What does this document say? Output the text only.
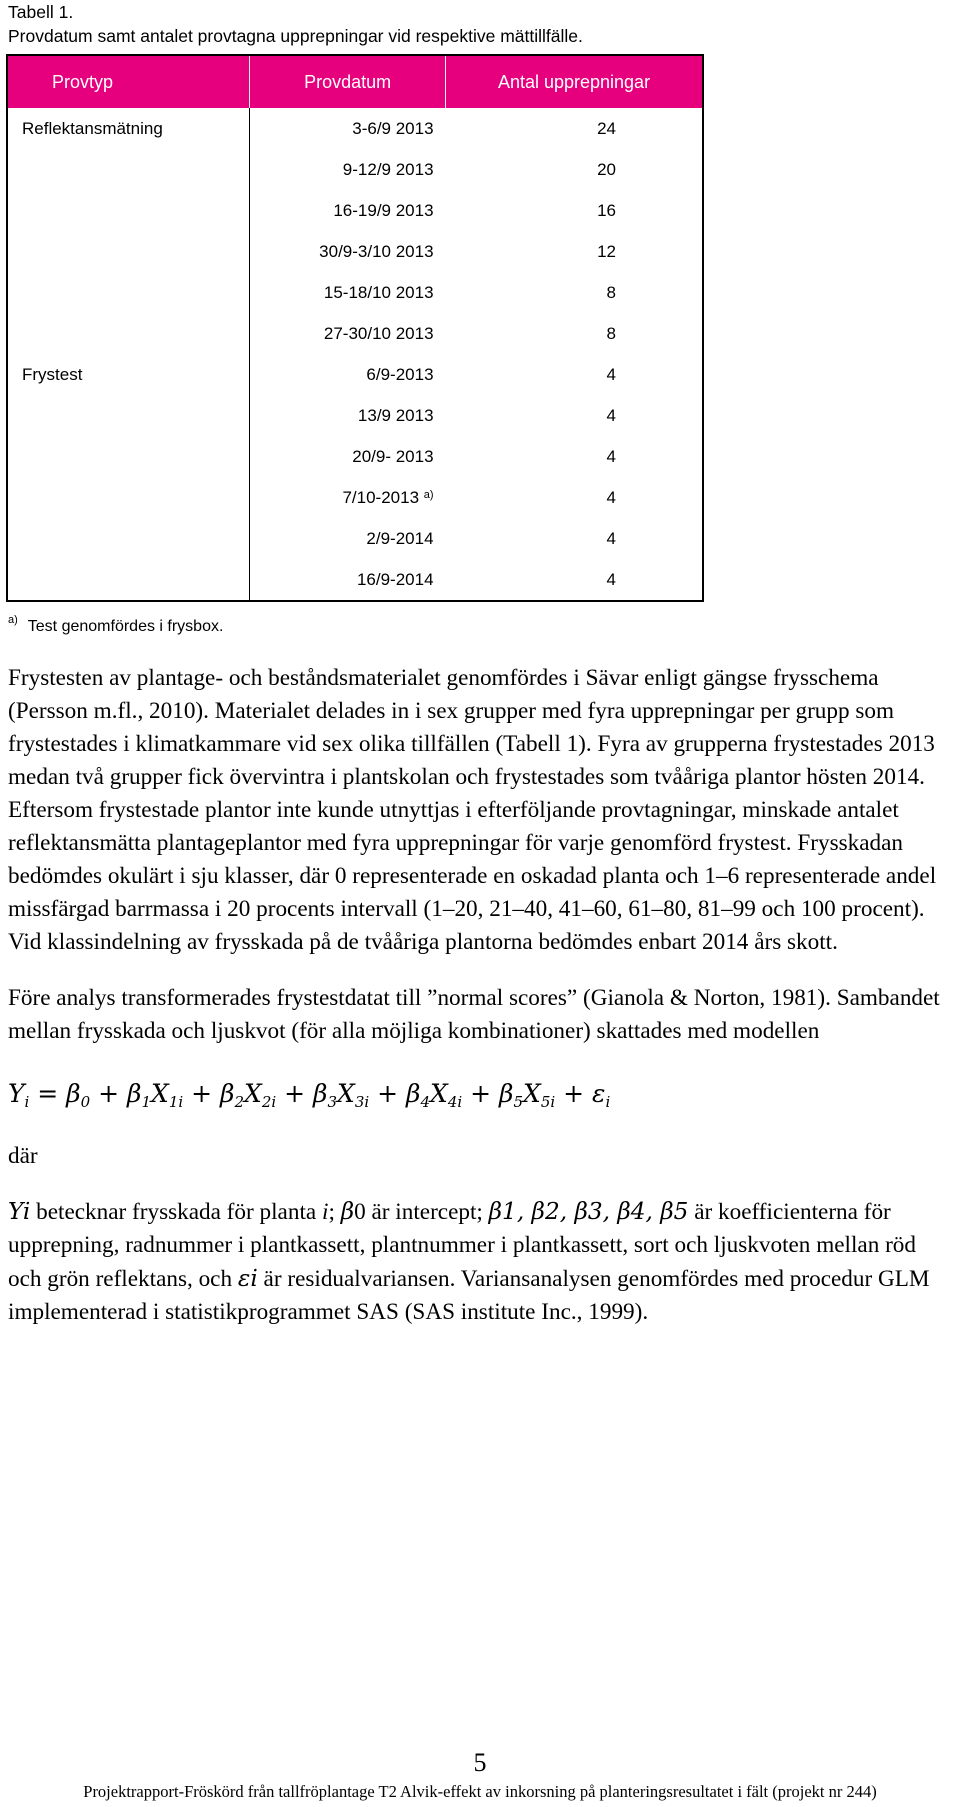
Tabell 1.
Provdatum samt antalet provtagna upprepningar vid respektive mättillfälle.
Provtyp	Provdatum	Antal upprepningar
Reflektansmätning	3-6/9 2013	24
	9-12/9 2013	20
	16-19/9 2013	16
	30/9-3/10 2013	12
	15-18/10 2013	8
	27-30/10 2013	8
Frystest	6/9-2013	4
	13/9 2013	4
	20/9- 2013	4
	7/10-2013 $^{a)}$	4
	2/9-2014	4
	16/9-2014	4
$^{a)}$ Test genomfördes i frysbox.

Frystesten av plantage- och beståndsmaterialet genomfördes i Sävar enligt gängse frysschema (Persson m.fl., 2010). Materialet delades in i sex grupper med fyra upprepningar per grupp som frystestades i klimatkammare vid sex olika tillfällen (Tabell 1). Fyra av grupperna frystestades 2013 medan två grupper fick övervintra i plantskolan och frystestades som tvååriga plantor hösten 2014. Eftersom frystestade plantor inte kunde utnyttjas i efterföljande provtagningar, minskade antalet reflektansmätta plantageplantor med fyra upprepningar för varje genomförd frystest. Frysskadan bedömdes okulärt i sju klasser, där 0 representerade en oskadad planta och 1–6 representerade andel missfärgad barrmassa i 20 procents intervall (1–20, 21–40, 41–60, 61–80, 81–99 och 100 procent). Vid klassindelning av frysskada på de tvååriga plantorna bedömdes enbart 2014 års skott.

Före analys transformerades frystestdatat till ”normal scores” (Gianola & Norton, 1981). Sambandet mellan frysskada och ljuskvot (för alla möjliga kombinationer) skattades med modellen

$Y_i = \beta_0 + \beta_1X_{1i} + \beta_2X_{2i} + \beta_3X_{3i} + \beta_4X_{4i} + \beta_5X_{5i} + \varepsilon_i$

där

Yi betecknar frysskada för planta i; β0 är intercept; β1, β2, β3, β4, β5 är koefficienterna för upprepning, radnummer i plantkassett, plantnummer i plantkassett, sort och ljuskvoten mellan röd och grön reflektans, och εi är residualvariansen. Variansanalysen genomfördes med procedur GLM implementerad i statistikprogrammet SAS (SAS institute Inc., 1999).

5
Projektrapport-Fröskörd från tallfröplantage T2 Alvik-effekt av inkorsning på planteringsresultatet i fält (projekt nr 244)
